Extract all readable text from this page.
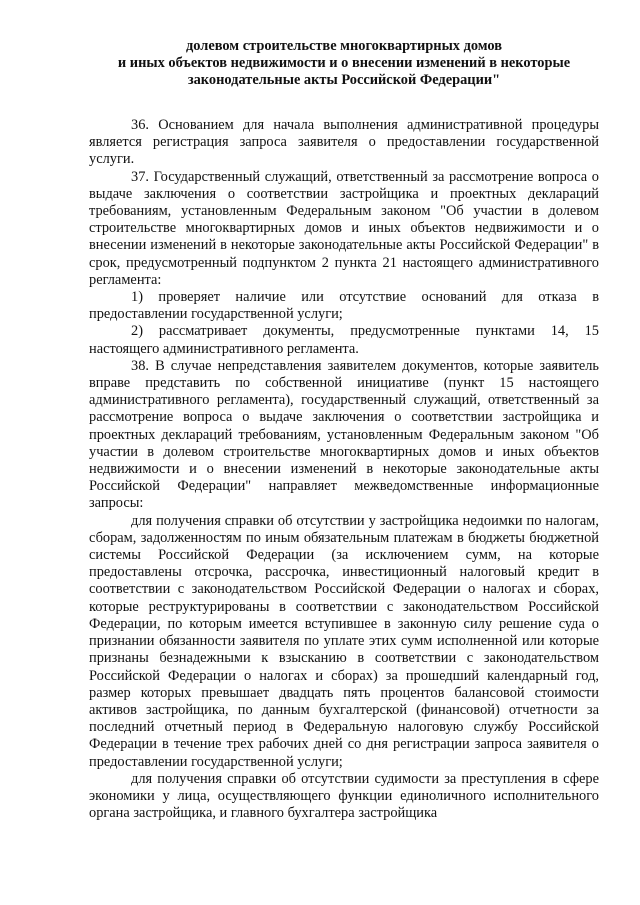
долевом строительстве многоквартирных домов
и иных объектов недвижимости и о внесении изменений в некоторые
законодательные акты Российской Федерации"

36. Основанием для начала выполнения административной процедуры является регистрация запроса заявителя о предоставлении государственной услуги.

37. Государственный служащий, ответственный за рассмотрение вопроса о выдаче заключения о соответствии застройщика и проектных деклараций требованиям, установленным Федеральным законом "Об участии в долевом строительстве многоквартирных домов и иных объектов недвижимости и о внесении изменений в некоторые законодательные акты Российской Федерации" в срок, предусмотренный подпунктом 2 пункта 21 настоящего административного регламента:

1) проверяет наличие или отсутствие оснований для отказа в предоставлении государственной услуги;

2) рассматривает документы, предусмотренные пунктами 14, 15 настоящего административного регламента.

38. В случае непредставления заявителем документов, которые заявитель вправе представить по собственной инициативе (пункт 15 настоящего административного регламента), государственный служащий, ответственный за рассмотрение вопроса о выдаче заключения о соответствии застройщика и проектных деклараций требованиям, установленным Федеральным законом "Об участии в долевом строительстве многоквартирных домов и иных объектов недвижимости и о внесении изменений в некоторые законодательные акты Российской Федерации" направляет межведомственные информационные запросы:

для получения справки об отсутствии у застройщика недоимки по налогам, сборам, задолженностям по иным обязательным платежам в бюджеты бюджетной системы Российской Федерации (за исключением сумм, на которые предоставлены отсрочка, рассрочка, инвестиционный налоговый кредит в соответствии с законодательством Российской Федерации о налогах и сборах, которые реструктурированы в соответствии с законодательством Российской Федерации, по которым имеется вступившее в законную силу решение суда о признании обязанности заявителя по уплате этих сумм исполненной или которые признаны безнадежными к взысканию в соответствии с законодательством Российской Федерации о налогах и сборах) за прошедший календарный год, размер которых превышает двадцать пять процентов балансовой стоимости активов застройщика, по данным бухгалтерской (финансовой) отчетности за последний отчетный период в Федеральную налоговую службу Российской Федерации в течение трех рабочих дней со дня регистрации запроса заявителя о предоставлении государственной услуги;

для получения справки об отсутствии судимости за преступления в сфере экономики у лица, осуществляющего функции единоличного исполнительного органа застройщика, и главного бухгалтера застройщика
